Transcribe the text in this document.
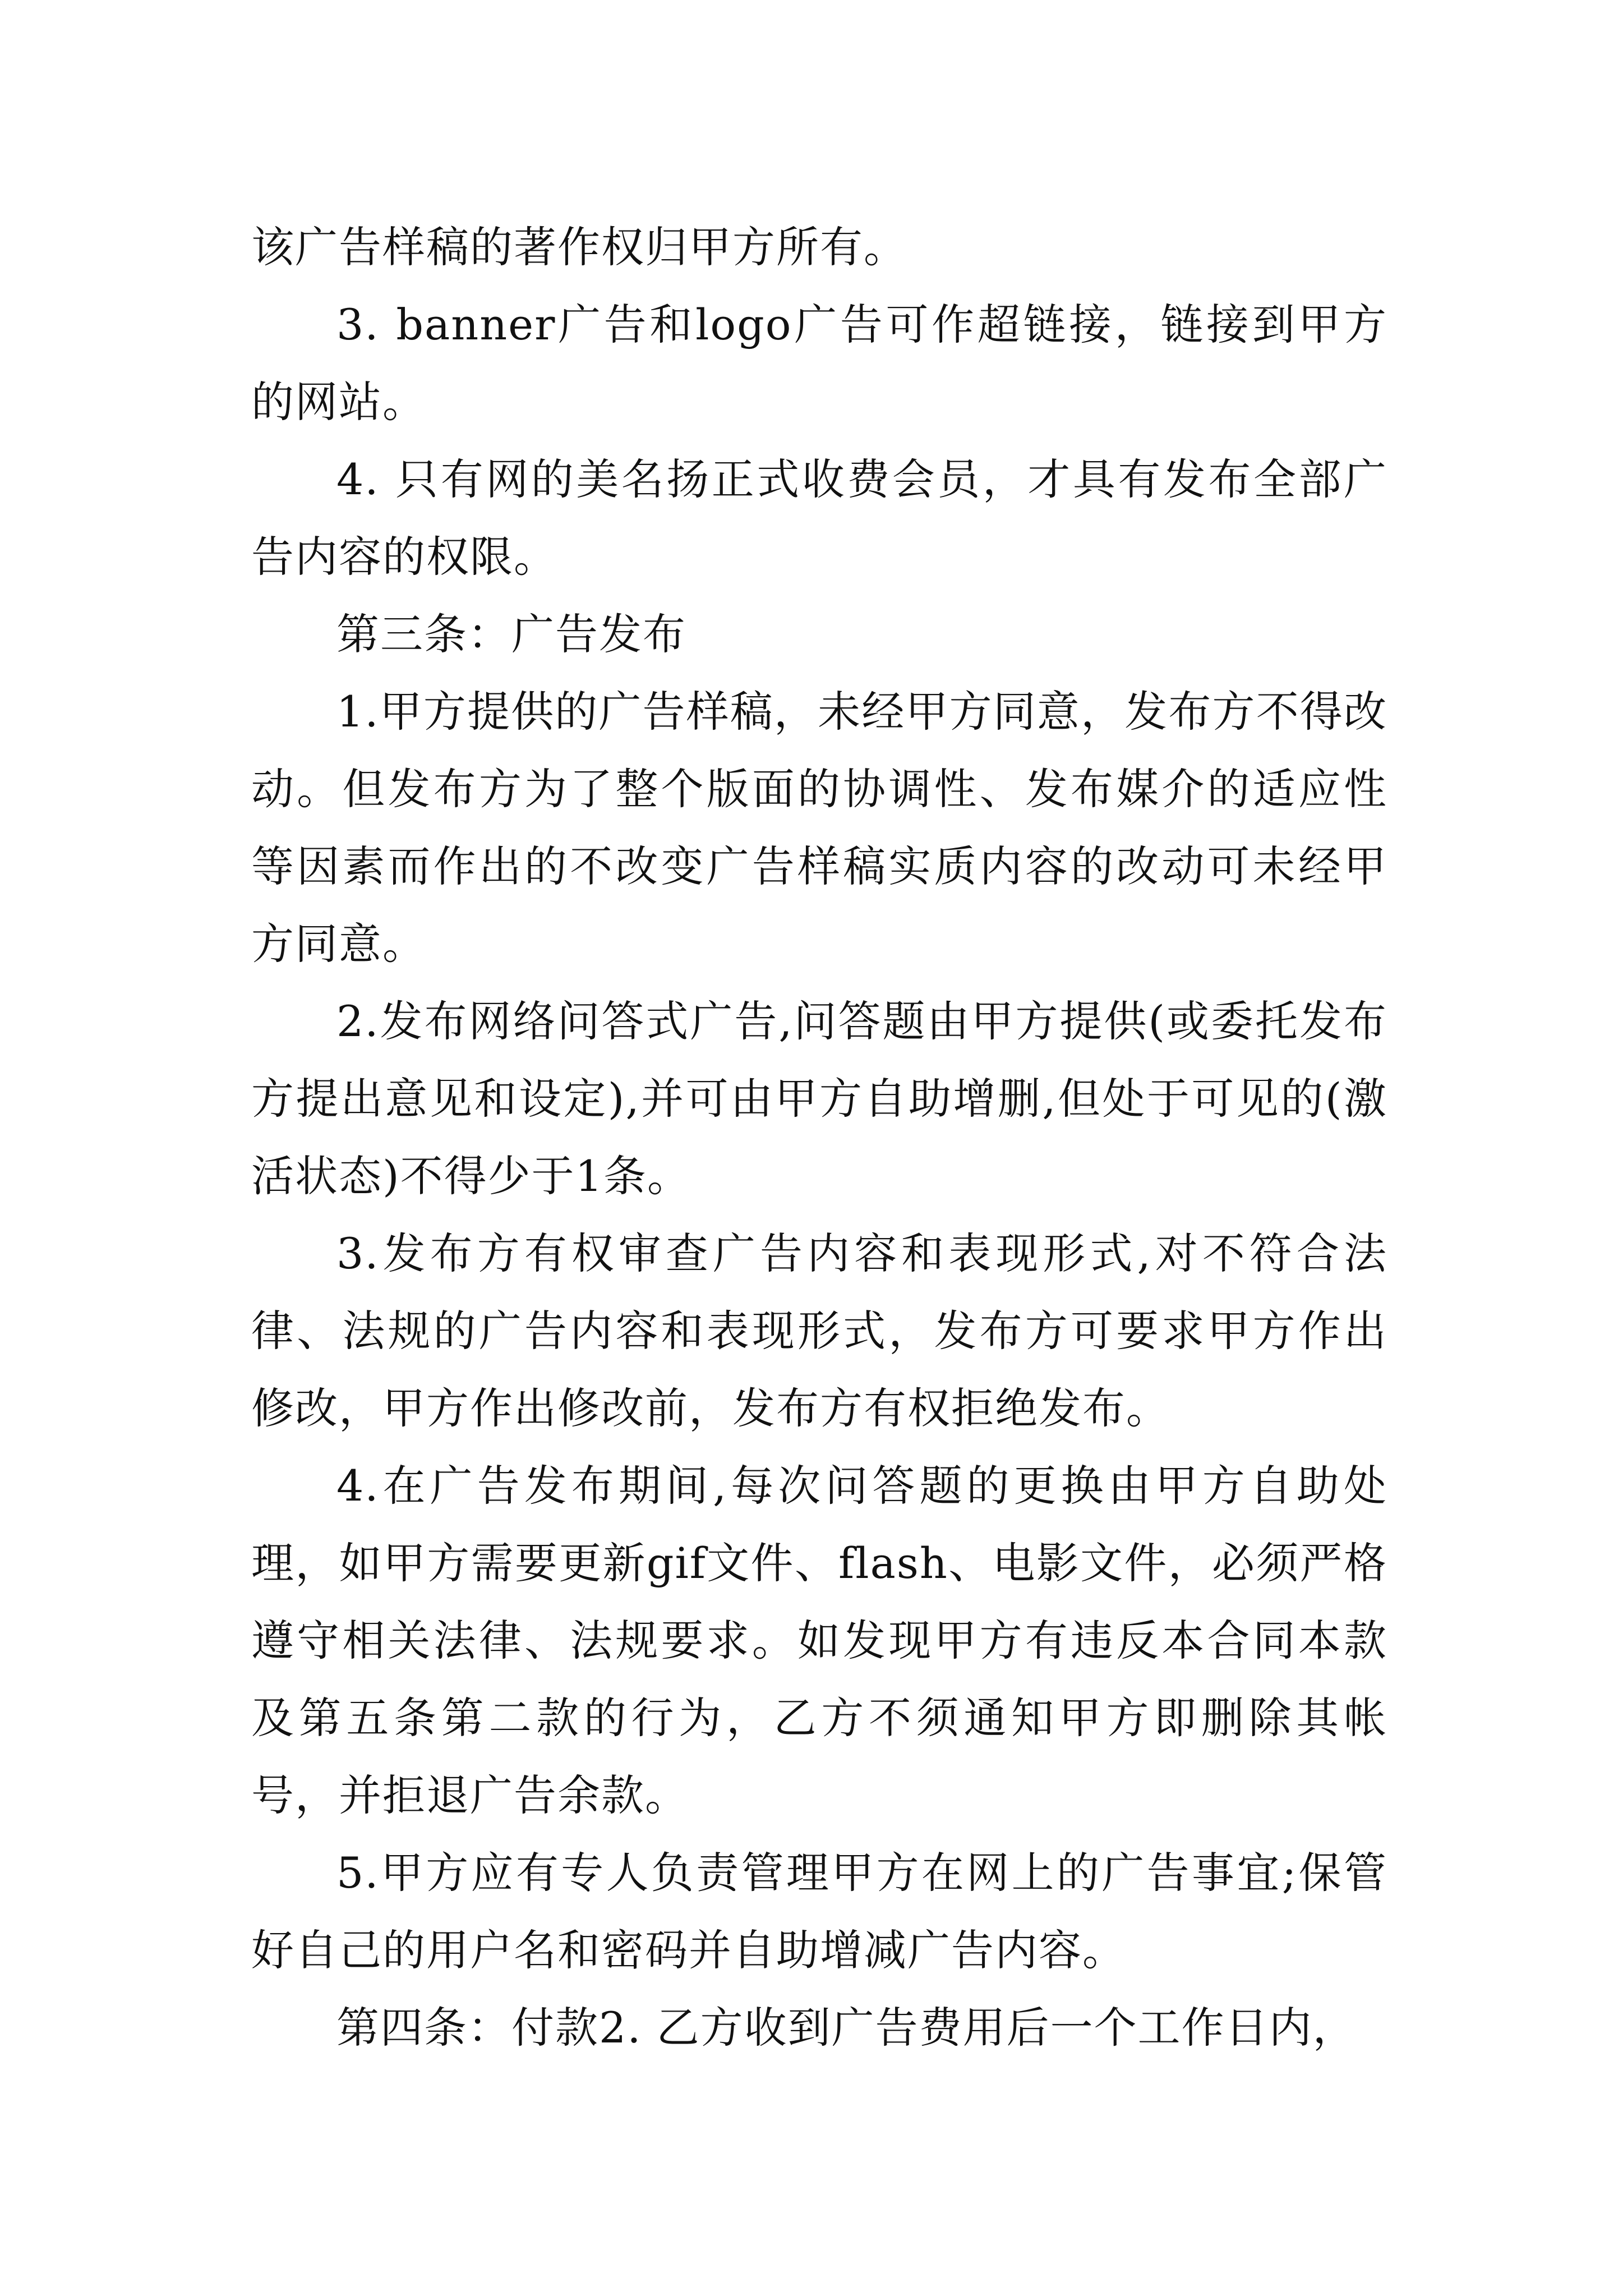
该广告样稿的著作权归甲方所有。

3. banner广告和logo广告可作超链接，链接到甲方的网站。

4. 只有网的美名扬正式收费会员，才具有发布全部广告内容的权限。

第三条：广告发布

1.甲方提供的广告样稿，未经甲方同意，发布方不得改动。但发布方为了整个版面的协调性、发布媒介的适应性等因素而作出的不改变广告样稿实质内容的改动可未经甲方同意。

2.发布网络问答式广告,问答题由甲方提供(或委托发布方提出意见和设定),并可由甲方自助增删,但处于可见的(激活状态)不得少于1条。

3.发布方有权审查广告内容和表现形式,对不符合法律、法规的广告内容和表现形式，发布方可要求甲方作出修改，甲方作出修改前，发布方有权拒绝发布。

4.在广告发布期间,每次问答题的更换由甲方自助处理，如甲方需要更新gif文件、flash、电影文件，必须严格遵守相关法律、法规要求。如发现甲方有违反本合同本款及第五条第二款的行为，乙方不须通知甲方即删除其帐号，并拒退广告余款。

5.甲方应有专人负责管理甲方在网上的广告事宜;保管好自己的用户名和密码并自助增减广告内容。

第四条：付款2. 乙方收到广告费用后一个工作日内，
